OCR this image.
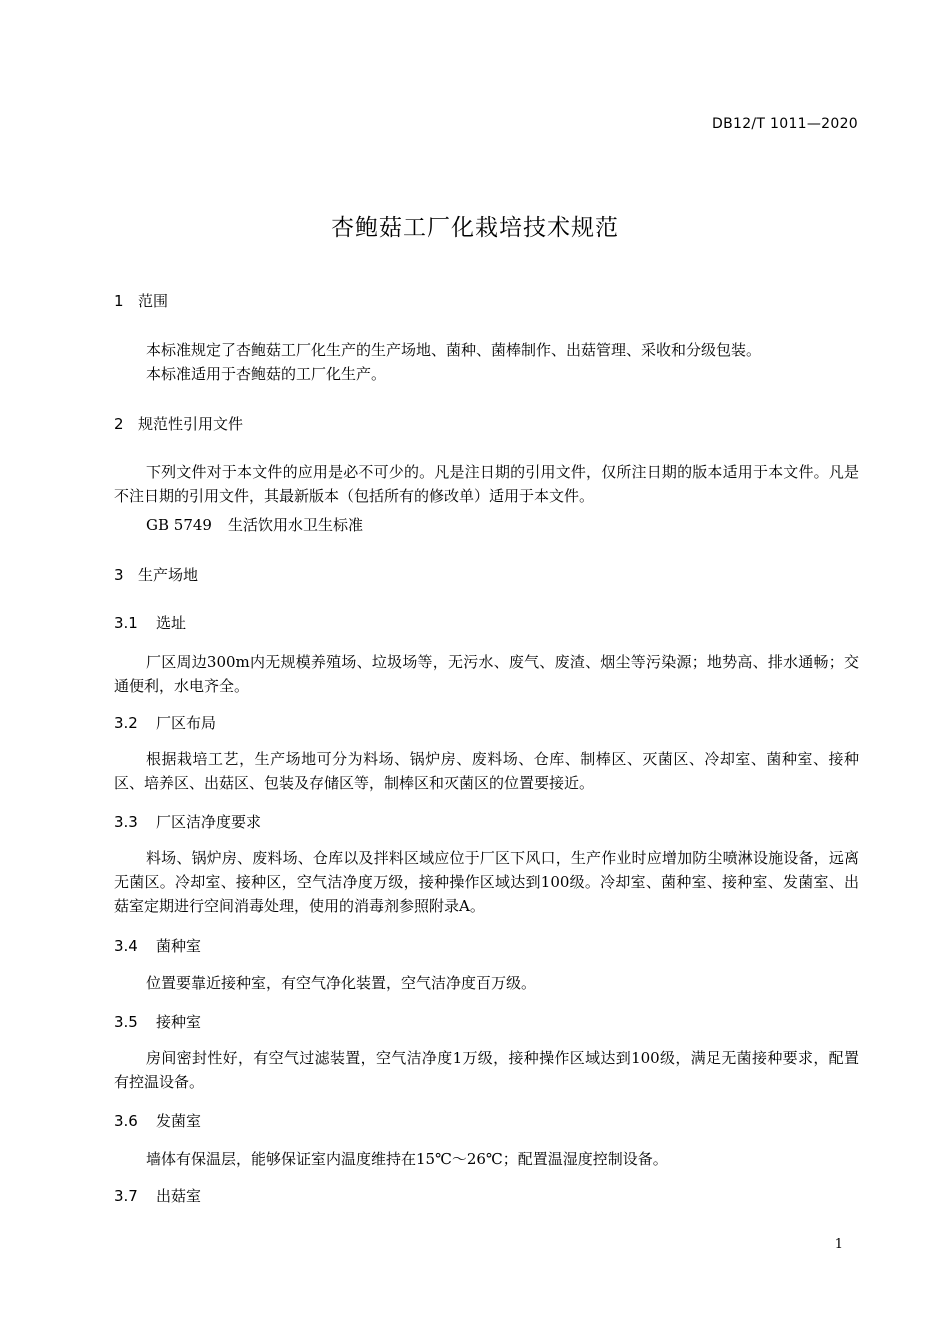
DB12/T 1011—2020
杏鲍菇工厂化栽培技术规范
1 范围
本标准规定了杏鲍菇工厂化生产的生产场地、菌种、菌棒制作、出菇管理、采收和分级包装。
本标准适用于杏鲍菇的工厂化生产。
2 规范性引用文件
下列文件对于本文件的应用是必不可少的。凡是注日期的引用文件，仅所注日期的版本适用于本文件。凡是不注日期的引用文件，其最新版本（包括所有的修改单）适用于本文件。
GB 5749 生活饮用水卫生标准
3 生产场地
3.1 选址
厂区周边300m内无规模养殖场、垃圾场等，无污水、废气、废渣、烟尘等污染源；地势高、排水通畅；交通便利，水电齐全。
3.2 厂区布局
根据栽培工艺，生产场地可分为料场、锅炉房、废料场、仓库、制棒区、灭菌区、冷却室、菌种室、接种区、培养区、出菇区、包装及存储区等，制棒区和灭菌区的位置要接近。
3.3 厂区洁净度要求
料场、锅炉房、废料场、仓库以及拌料区域应位于厂区下风口，生产作业时应增加防尘喷淋设施设备，远离无菌区。冷却室、接种区，空气洁净度万级，接种操作区域达到100级。冷却室、菌种室、接种室、发菌室、出菇室定期进行空间消毒处理，使用的消毒剂参照附录A。
3.4 菌种室
位置要靠近接种室，有空气净化装置，空气洁净度百万级。
3.5 接种室
房间密封性好，有空气过滤装置，空气洁净度1万级，接种操作区域达到100级，满足无菌接种要求，配置有控温设备。
3.6 发菌室
墙体有保温层，能够保证室内温度维持在15℃～26℃；配置温湿度控制设备。
3.7 出菇室
1
